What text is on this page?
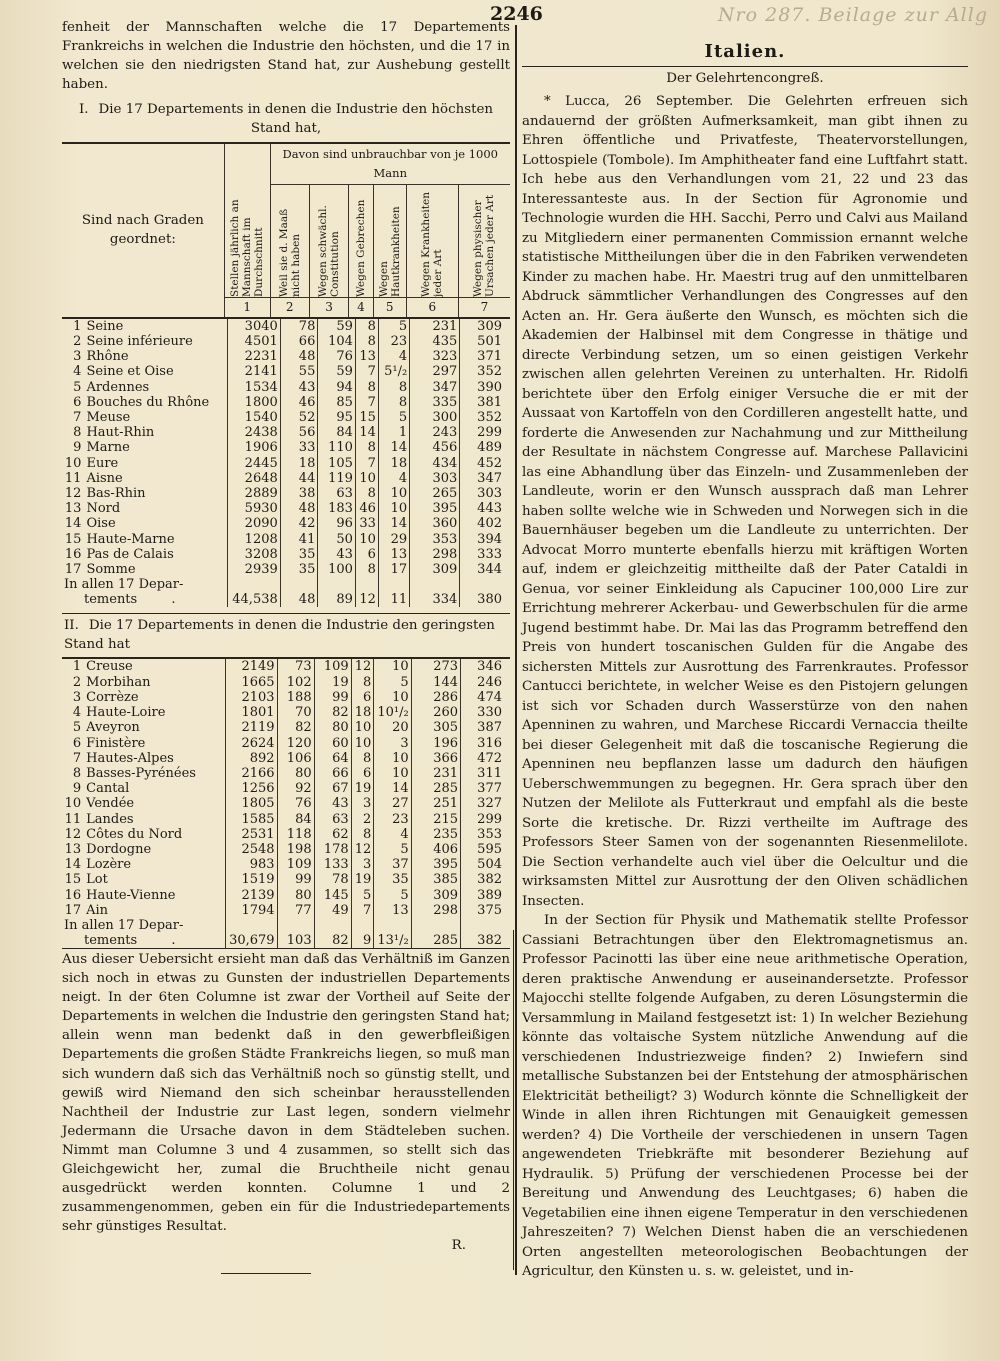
2246	Nro 287. Beilage zur Allg

fenheit der Mannschaften welche die 17 Departements Frankreichs in welchen die Industrie den höchsten, und die 17 in welchen sie den niedrigsten Stand hat, zur Aushebung gestellt haben.

I. Die 17 Departements in denen die Industrie den höchsten Stand hat,
Sind nach Graden geordnet:	Stellen jährlich an Mannschaft im Durchschnitt	Davon sind unbrauchbar von je 1000 Mann					

		Weil sie d. Maaß nicht haben	Wegen schwächl. Constitution	Wegen Gebrechen	Wegen Hautkrankheiten	Wegen Krankheiten jeder Art	Wegen physischer Ursachen jeder Art

	1	2	3	4	5	6	7
1	Seine	3040	78	59	8	5	231	309
2	Seine inférieure	4501	66	104	8	23	435	501
3	Rhône	2231	48	76	13	4	323	371
4	Seine et Oise	2141	55	59	7	5¹/₂	297	352
5	Ardennes	1534	43	94	8	8	347	390
6	Bouches du Rhône	1800	46	85	7	8	335	381
7	Meuse	1540	52	95	15	5	300	352
8	Haut-Rhin	2438	56	84	14	1	243	299
9	Marne	1906	33	110	8	14	456	489
10	Eure	2445	18	105	7	18	434	452
11	Aisne	2648	44	119	10	4	303	347
12	Bas-Rhin	2889	38	63	8	10	265	303
13	Nord	5930	48	183	46	10	395	443
14	Oise	2090	42	96	33	14	360	402
15	Haute-Marne	1208	41	50	10	29	353	394
16	Pas de Calais	3208	35	43	6	13	298	333
17	Somme	2939	35	100	8	17	309	344
In allen 17 Depar-
tements .		44,538	48	89	12	11	334	380
II. Die 17 Departements in denen die Industrie den geringsten Stand hat
1	Creuse	2149	73	109	12	10	273	346
2	Morbihan	1665	102	19	8	5	144	246
3	Corrèze	2103	188	99	6	10	286	474
4	Haute-Loire	1801	70	82	18	10¹/₂	260	330
5	Aveyron	2119	82	80	10	20	305	387
6	Finistère	2624	120	60	10	3	196	316
7	Hautes-Alpes	892	106	64	8	10	366	472
8	Basses-Pyrénées	2166	80	66	6	10	231	311
9	Cantal	1256	92	67	19	14	285	377
10	Vendée	1805	76	43	3	27	251	327
11	Landes	1585	84	63	2	23	215	299
12	Côtes du Nord	2531	118	62	8	4	235	353
13	Dordogne	2548	198	178	12	5	406	595
14	Lozère	983	109	133	3	37	395	504
15	Lot	1519	99	78	19	35	385	382
16	Haute-Vienne	2139	80	145	5	5	309	389
17	Ain	1794	77	49	7	13	298	375
In allen 17 Depar-
tements .		30,679	103	82	9	13¹/₂	285	382

Aus dieser Uebersicht ersieht man daß das Verhältniß im Ganzen sich noch in etwas zu Gunsten der industriellen Departements neigt. In der 6ten Columne ist zwar der Vortheil auf Seite der Departements in welchen die Industrie den geringsten Stand hat; allein wenn man bedenkt daß in den gewerbfleißigen Departements die großen Städte Frankreichs liegen, so muß man sich wundern daß sich das Verhältniß noch so günstig stellt, und gewiß wird Niemand den sich scheinbar herausstellenden Nachtheil der Industrie zur Last legen, sondern vielmehr Jedermann die Ursache davon in dem Städteleben suchen. Nimmt man Columne 3 und 4 zusammen, so stellt sich das Gleichgewicht her, zumal die Bruchtheile nicht genau ausgedrückt werden konnten. Columne 1 und 2 zusammengenommen, geben ein für die Industriedepartements sehr günstiges Resultat.

R.
Italien.
Der Gelehrtencongreß.

* Lucca, 26 September. Die Gelehrten erfreuen sich andauernd der größten Aufmerksamkeit, man gibt ihnen zu Ehren öffentliche und Privatfeste, Theatervorstellungen, Lottospiele (Tombole). Im Amphitheater fand eine Luftfahrt statt. Ich hebe aus den Verhandlungen vom 21, 22 und 23 das Interessanteste aus. In der Section für Agronomie und Technologie wurden die HH. Sacchi, Perro und Calvi aus Mailand zu Mitgliedern einer permanenten Commission ernannt welche statistische Mittheilungen über die in den Fabriken verwendeten Kinder zu machen habe. Hr. Maestri trug auf den unmittelbaren Abdruck sämmtlicher Verhandlungen des Congresses auf den Acten an. Hr. Gera äußerte den Wunsch, es möchten sich die Akademien der Halbinsel mit dem Congresse in thätige und directe Verbindung setzen, um so einen geistigen Verkehr zwischen allen gelehrten Vereinen zu unterhalten. Hr. Ridolfi berichtete über den Erfolg einiger Versuche die er mit der Aussaat von Kartoffeln von den Cordilleren angestellt hatte, und forderte die Anwesenden zur Nachahmung und zur Mittheilung der Resultate in nächstem Congresse auf. Marchese Pallavicini las eine Abhandlung über das Einzeln- und Zusammenleben der Landleute, worin er den Wunsch aussprach daß man Lehrer haben sollte welche wie in Schweden und Norwegen sich in die Bauernhäuser begeben um die Landleute zu unterrichten. Der Advocat Morro munterte ebenfalls hierzu mit kräftigen Worten auf, indem er gleichzeitig mittheilte daß der Pater Cataldi in Genua, vor seiner Einkleidung als Capuciner 100,000 Lire zur Errichtung mehrerer Ackerbau- und Gewerbschulen für die arme Jugend bestimmt habe. Dr. Mai las das Programm betreffend den Preis von hundert toscanischen Gulden für die Angabe des sichersten Mittels zur Ausrottung des Farrenkrautes. Professor Cantucci berichtete, in welcher Weise es den Pistojern gelungen ist sich vor Schaden durch Wasserstürze von den nahen Apenninen zu wahren, und Marchese Riccardi Vernaccia theilte bei dieser Gelegenheit mit daß die toscanische Regierung die Apenninen neu bepflanzen lasse um dadurch den häufigen Ueberschwemmungen zu begegnen. Hr. Gera sprach über den Nutzen der Melilote als Futterkraut und empfahl als die beste Sorte die kretische. Dr. Rizzi vertheilte im Auftrage des Professors Steer Samen von der sogenannten Riesenmelilote. Die Section verhandelte auch viel über die Oelcultur und die wirksamsten Mittel zur Ausrottung der den Oliven schädlichen Insecten.

In der Section für Physik und Mathematik stellte Professor Cassiani Betrachtungen über den Elektromagnetismus an. Professor Pacinotti las über eine neue arithmetische Operation, deren praktische Anwendung er auseinandersetzte. Professor Majocchi stellte folgende Aufgaben, zu deren Lösungstermin die Versammlung in Mailand festgesetzt ist: 1) In welcher Beziehung könnte das voltaische System nützliche Anwendung auf die verschiedenen Industriezweige finden? 2) Inwiefern sind metallische Substanzen bei der Entstehung der atmosphärischen Elektricität betheiligt? 3) Wodurch könnte die Schnelligkeit der Winde in allen ihren Richtungen mit Genauigkeit gemessen werden? 4) Die Vortheile der verschiedenen in unsern Tagen angewendeten Triebkräfte mit besonderer Beziehung auf Hydraulik. 5) Prüfung der verschiedenen Processe bei der Bereitung und Anwendung des Leuchtgases; 6) haben die Vegetabilien eine ihnen eigene Temperatur in den verschiedenen Jahreszeiten? 7) Welchen Dienst haben die an verschiedenen Orten angestellten meteorologischen Beobachtungen der Agricultur, den Künsten u. s. w. geleistet, und in-
